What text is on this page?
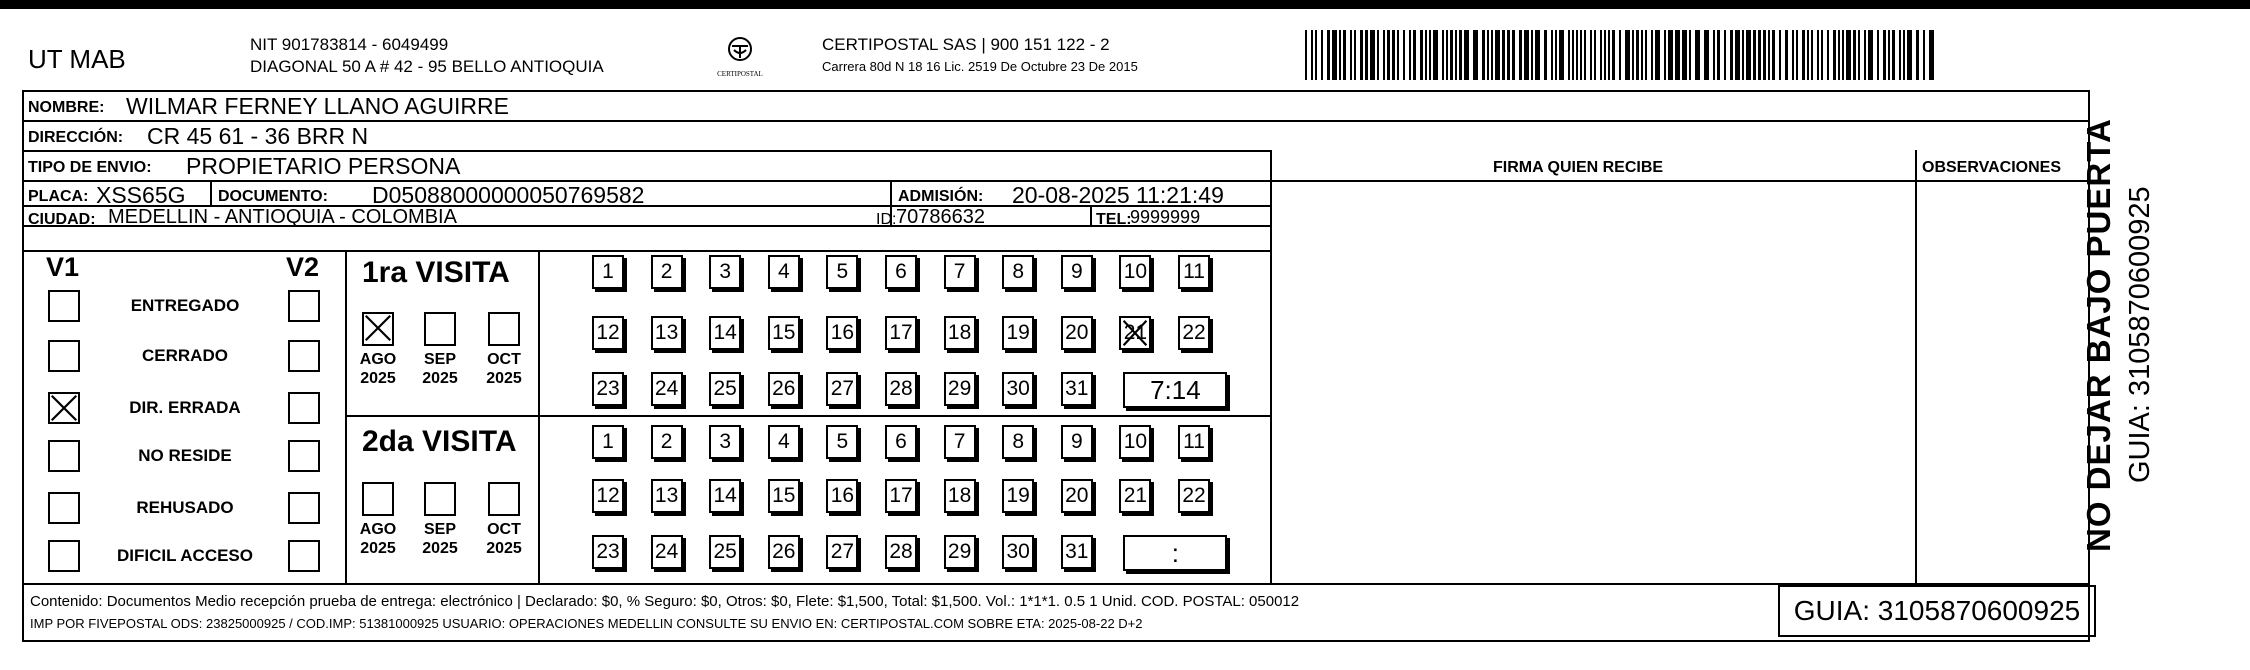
UT MAB	NIT 901783814 - 6049499
DIAGONAL 50 A # 42 - 95 BELLO ANTIOQUIA	CERTIPOSTAL
CERTIPOSTAL SAS | 900 151 122 - 2
Carrera 80d N 18 16 Lic. 2519 De Octubre 23 De 2015
NO DEJAR BAJO PUERTA GUIA: 3105870600925
NOMBRE: WILMAR FERNEY LLANO AGUIRRE
DIRECCIÓN: CR 45 61 - 36 BRR N
TIPO DE ENVIO: PROPIETARIO PERSONA	FIRMA QUIEN RECIBE	OBSERVACIONES
PLACA: XSS65G DOCUMENTO: D05088000000050769582	ADMISIÓN: 20-08-2025 11:21:49
CIUDAD: MEDELLIN - ANTIOQUIA - COLOMBIA	ID: 70786632	TEL:
9999999
V1	V2
ENTREGADO
CERRADO
DIR. ERRADA
NO RESIDE
REHUSADO
DIFICIL ACCESO
1ra VISITA
AGO
2025
SEP
2025
OCT
2025
1	2	3	4	5	6	7	8	9	10 11
12 13 14 15 16 17 18 19 20 21 22
23 24 25 26 27 28 29 30 31	7:14
2da VISITA
AGO
2025
SEP
2025
OCT
2025
1	2	3	4	5	6	7	8	9	10 11
12 13 14 15 16 17 18 19 20 21 22
23 24 25 26 27 28 29 30 31	:
Contenido: Documentos Medio recepción prueba de entrega: electrónico | Declarado: $0, % Seguro: $0, Otros: $0, Flete: $1,500, Total: $1,500. Vol.: 1*1*1. 0.5 1 Unid. COD. POSTAL: 050012
IMP POR FIVEPOSTAL ODS: 23825000925 / COD.IMP: 51381000925 USUARIO: OPERACIONES MEDELLIN CONSULTE SU ENVIO EN: CERTIPOSTAL.COM SOBRE ETA: 2025-08-22 D+2	GUIA: 3105870600925
